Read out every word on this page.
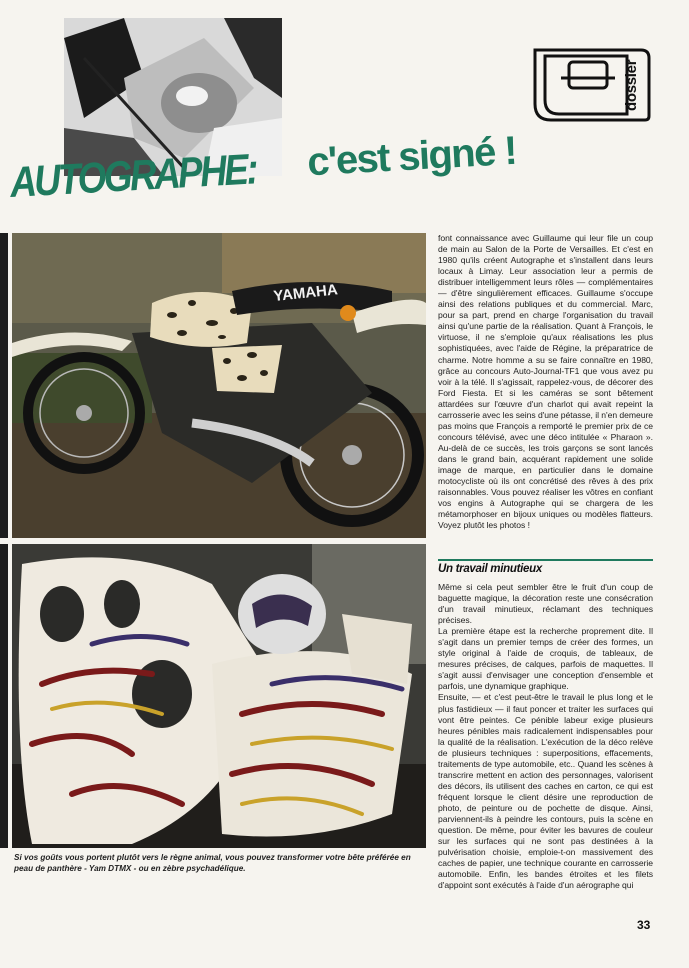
dossier
AUTOGRAPHE: c'est signé !
YAMAHA
Si vos goûts vous portent plutôt vers le règne animal, vous pouvez transformer votre bête préférée en peau de panthère - Yam DTMX - ou en zèbre psychadélique.

font connaissance avec Guillaume qui leur file un coup de main au Salon de la Porte de Versailles. Et c'est en 1980 qu'ils créent Autographe et s'installent dans leurs locaux à Limay. Leur association leur a permis de distribuer intelligemment leurs rôles — complémentaires — d'être singulièrement efficaces. Guillaume s'occupe ainsi des relations publiques et du commercial. Marc, pour sa part, prend en charge l'organisation du travail ainsi qu'une partie de la réalisation. Quant à François, le virtuose, il ne s'emploie qu'aux réalisations les plus sophistiquées, avec l'aide de Régine, la préparatrice de charme. Notre homme a su se faire connaître en 1980, grâce au concours Auto-Journal-TF1 que vous avez pu voir à la télé. Il s'agissait, rappelez-vous, de décorer des Ford Fiesta. Et si les caméras se sont bêtement attardées sur l'œuvre d'un charlot qui avait repeint la carrosserie avec les seins d'une pétasse, il n'en demeure pas moins que François a remporté le premier prix de ce concours télévisé, avec une déco intitulée « Pharaon ». Au-delà de ce succès, les trois garçons se sont lancés dans le grand bain, acquérant rapidement une solide image de marque, en particulier dans le domaine motocycliste où ils ont concrétisé des rêves à des prix raisonnables. Vous pouvez réaliser les vôtres en confiant vos engins à Autographe qui se chargera de les métamorphoser en bijoux uniques ou modèles flatteurs. Voyez plutôt les photos !

Un travail minutieux

Même si cela peut sembler être le fruit d'un coup de baguette magique, la décoration reste une consécration d'un travail minutieux, réclamant des techniques précises.

La première étape est la recherche proprement dite. Il s'agit dans un premier temps de créer des formes, un style original à l'aide de croquis, de tableaux, de mesures précises, de calques, parfois de maquettes. Il s'agit aussi d'envisager une conception d'ensemble et parfois, une dynamique graphique.

Ensuite, — et c'est peut-être le travail le plus long et le plus fastidieux — il faut poncer et traiter les surfaces qui vont être peintes. Ce pénible labeur exige plusieurs heures pénibles mais radicalement indispensables pour la qualité de la réalisation. L'exécution de la déco relève de plusieurs techniques : superpositions, effacements, traitements de type automobile, etc.. Quand les scènes à transcrire mettent en action des personnages, valorisent des décors, ils utilisent des caches en carton, ce qui est fréquent lorsque le client désire une reproduction de photo, de peinture ou de pochette de disque. Ainsi, parviennent-ils à peindre les contours, puis la scène en question. De même, pour éviter les bavures de couleur sur les surfaces qui ne sont pas destinées à la pulvérisation choisie, emploie-t-on massivement des caches de papier, une technique courante en carrosserie automobile. Enfin, les bandes étroites et les filets d'appoint sont exécutés à l'aide d'un aérographe qui

33
